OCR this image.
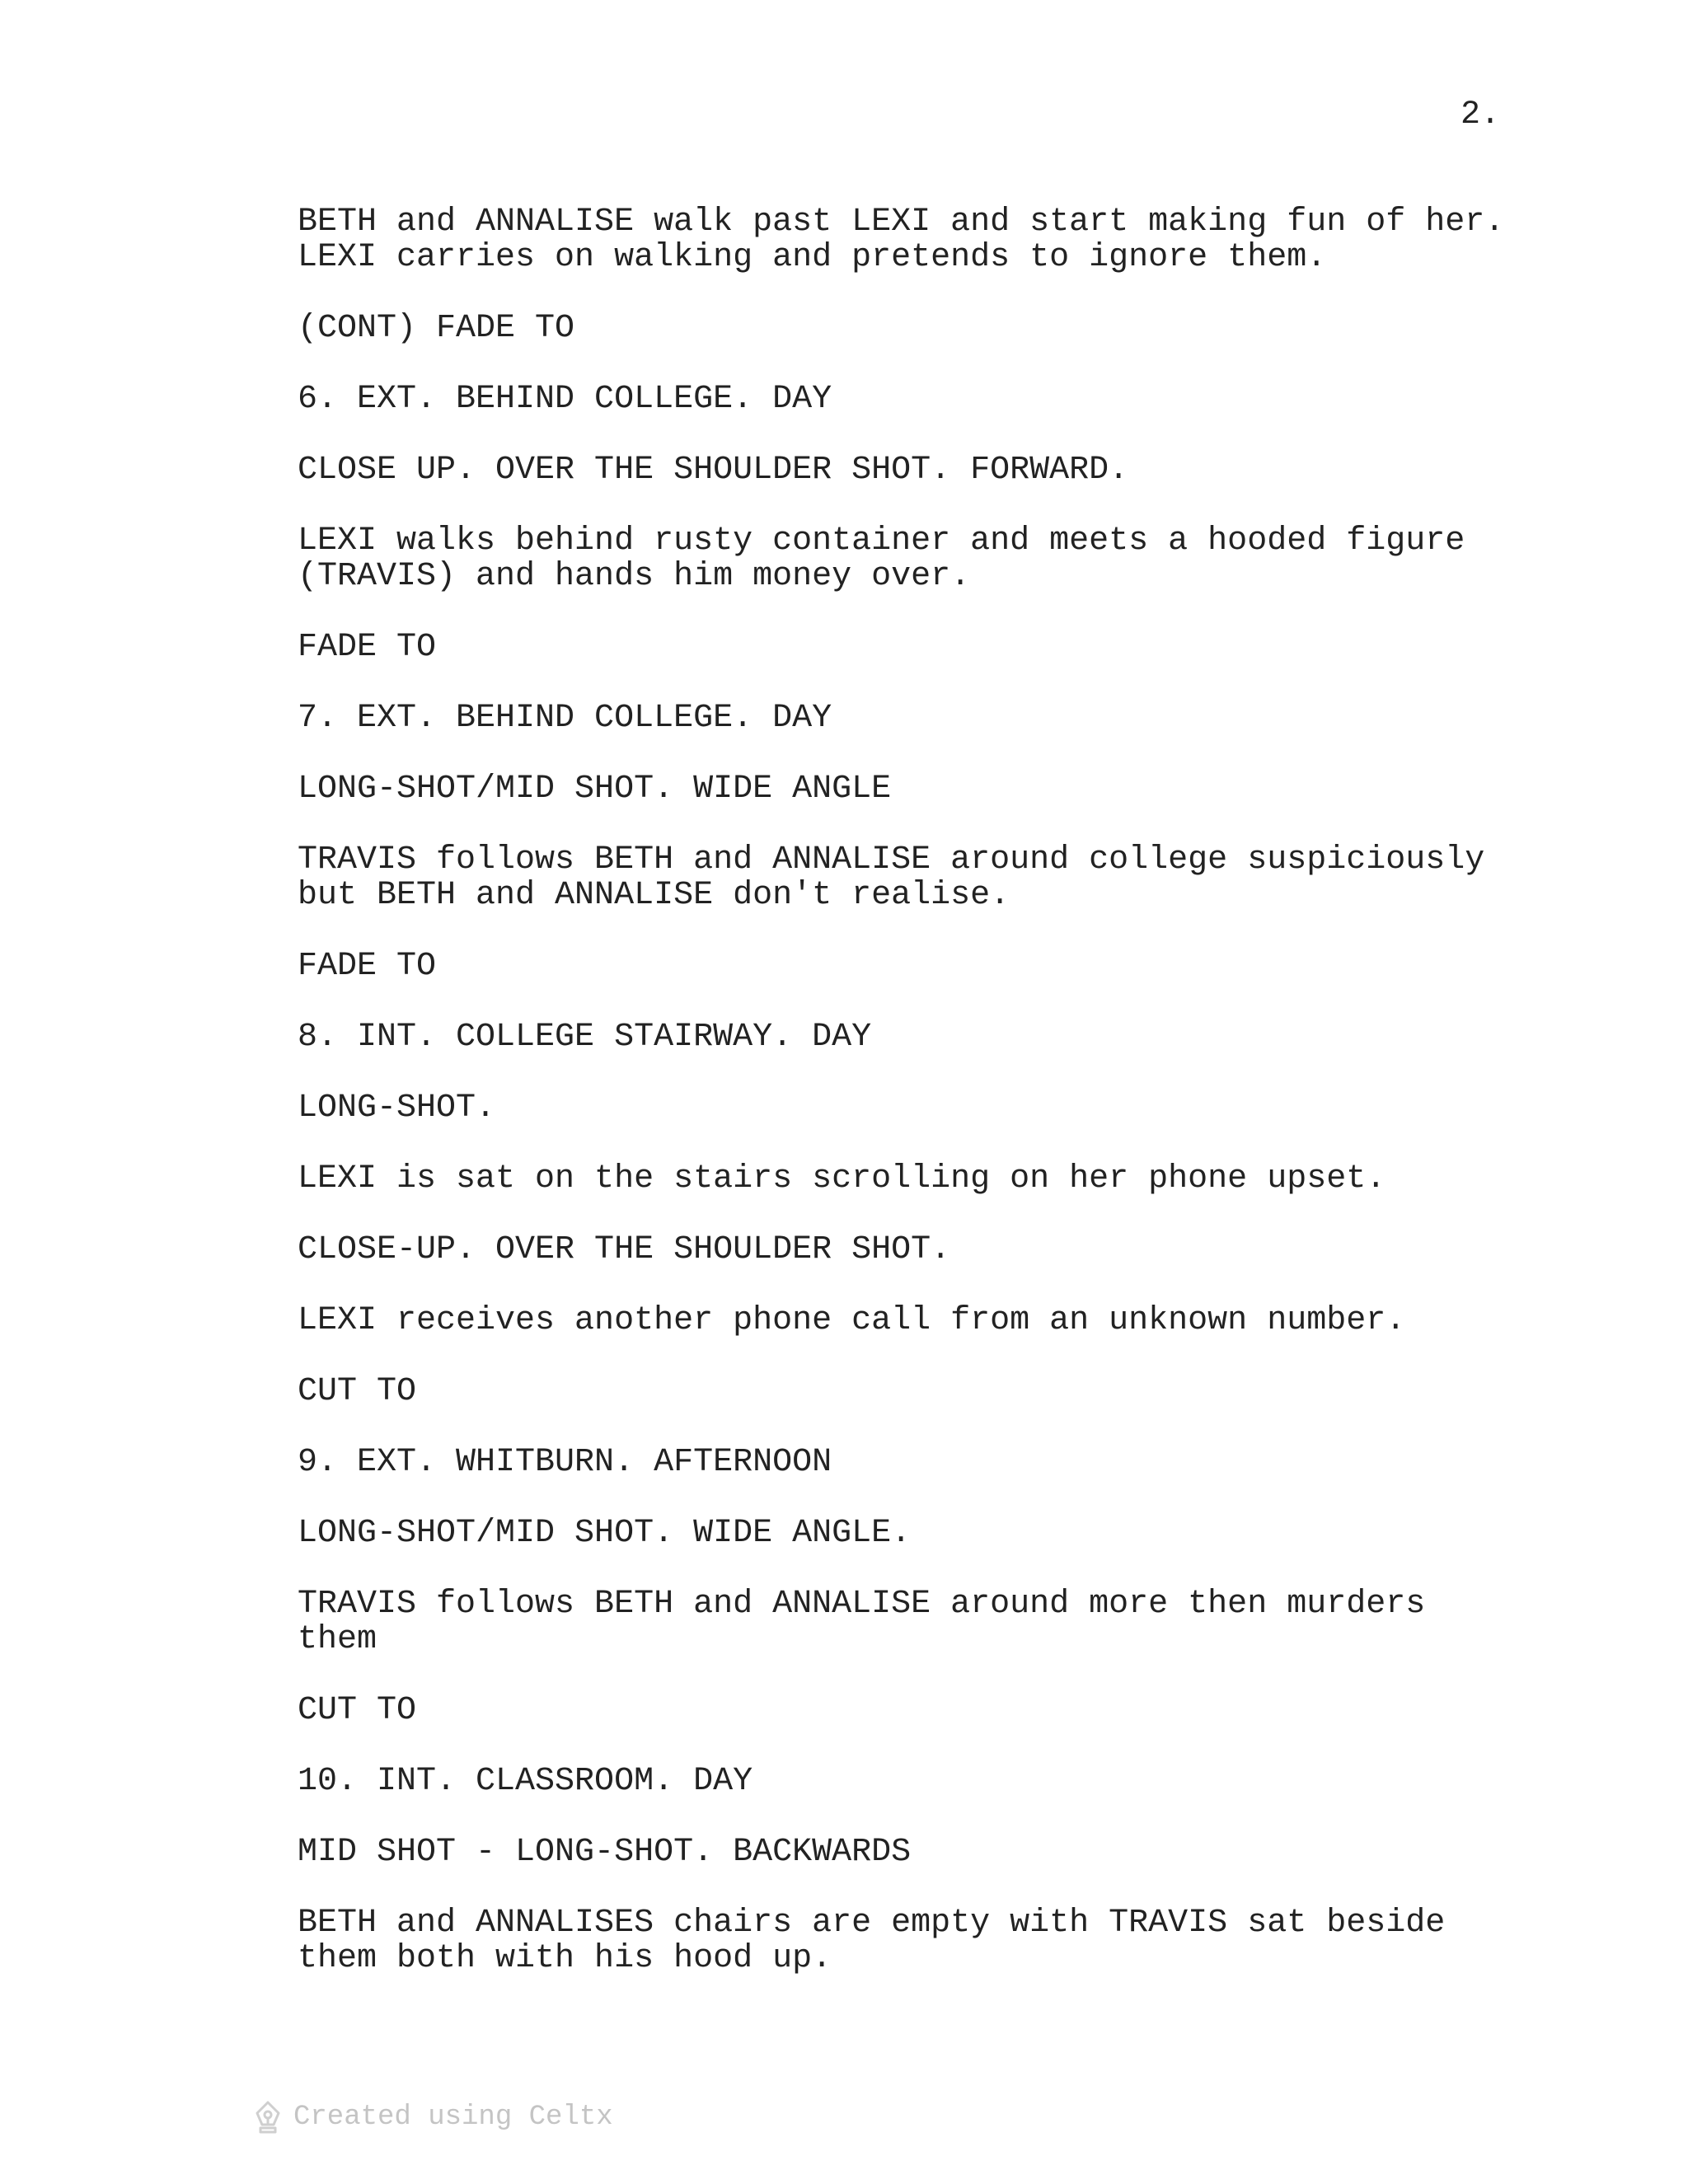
2.
BETH and ANNALISE walk past LEXI and start making fun of her.
LEXI carries on walking and pretends to ignore them.
(CONT) FADE TO
6. EXT. BEHIND COLLEGE. DAY
CLOSE UP. OVER THE SHOULDER SHOT. FORWARD.
LEXI walks behind rusty container and meets a hooded figure
(TRAVIS) and hands him money over.
FADE TO
7. EXT. BEHIND COLLEGE. DAY
LONG-SHOT/MID SHOT. WIDE ANGLE
TRAVIS follows BETH and ANNALISE around college suspiciously
but BETH and ANNALISE don't realise.
FADE TO
8. INT. COLLEGE STAIRWAY. DAY
LONG-SHOT.
LEXI is sat on the stairs scrolling on her phone upset.
CLOSE-UP. OVER THE SHOULDER SHOT.
LEXI receives another phone call from an unknown number.
CUT TO
9. EXT. WHITBURN. AFTERNOON
LONG-SHOT/MID SHOT. WIDE ANGLE.
TRAVIS follows BETH and ANNALISE around more then murders
them
CUT TO
10. INT. CLASSROOM. DAY
MID SHOT - LONG-SHOT. BACKWARDS
BETH and ANNALISES chairs are empty with TRAVIS sat beside
them both with his hood up.
Created using Celtx
